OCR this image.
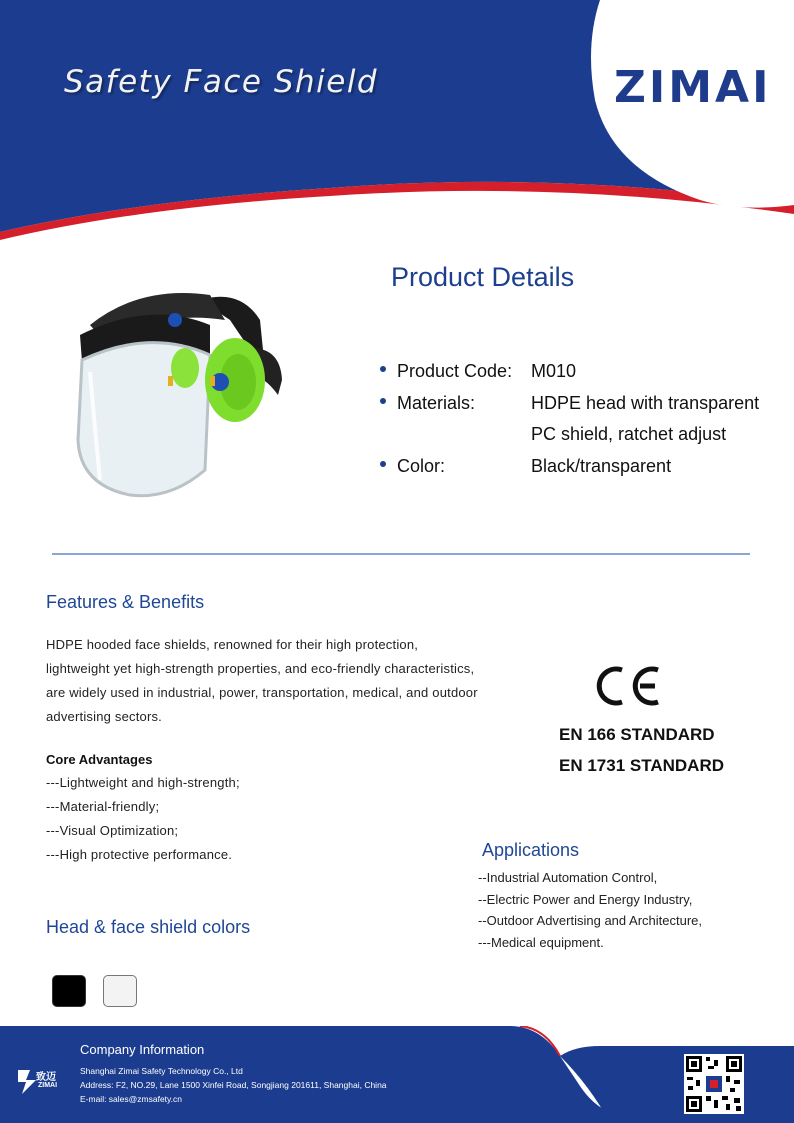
Safety Face Shield	ZIMAI
Product Details
Product Code: M010
Materials:	HDPE head with transparent
PC shield, ratchet adjust
Color:	Black/transparent
Features & Benefits
HDPE hooded face shields, renowned for their high protection,
lightweight yet high-strength properties, and eco-friendly characteristics,
are widely used in industrial, power, transportation, medical, and outdoor
advertising sectors.
Core Advantages
---Lightweight and high-strength;
---Material-friendly;
---Visual Optimization;
---High protective performance.
EN 166 STANDARD
EN 1731 STANDARD
Applications
--Industrial Automation Control,
--Electric Power and Energy Industry,
--Outdoor Advertising and Architecture,
---Medical equipment.
Head & face shield colors
Company Information
Shanghai Zimai Safety Technology Co., Ltd
Address: F2, NO.29, Lane 1500 Xinfei Road, Songjiang 201611, Shanghai, China
E-mail: sales@zmsafety.cn
致迈
ZIMAI
